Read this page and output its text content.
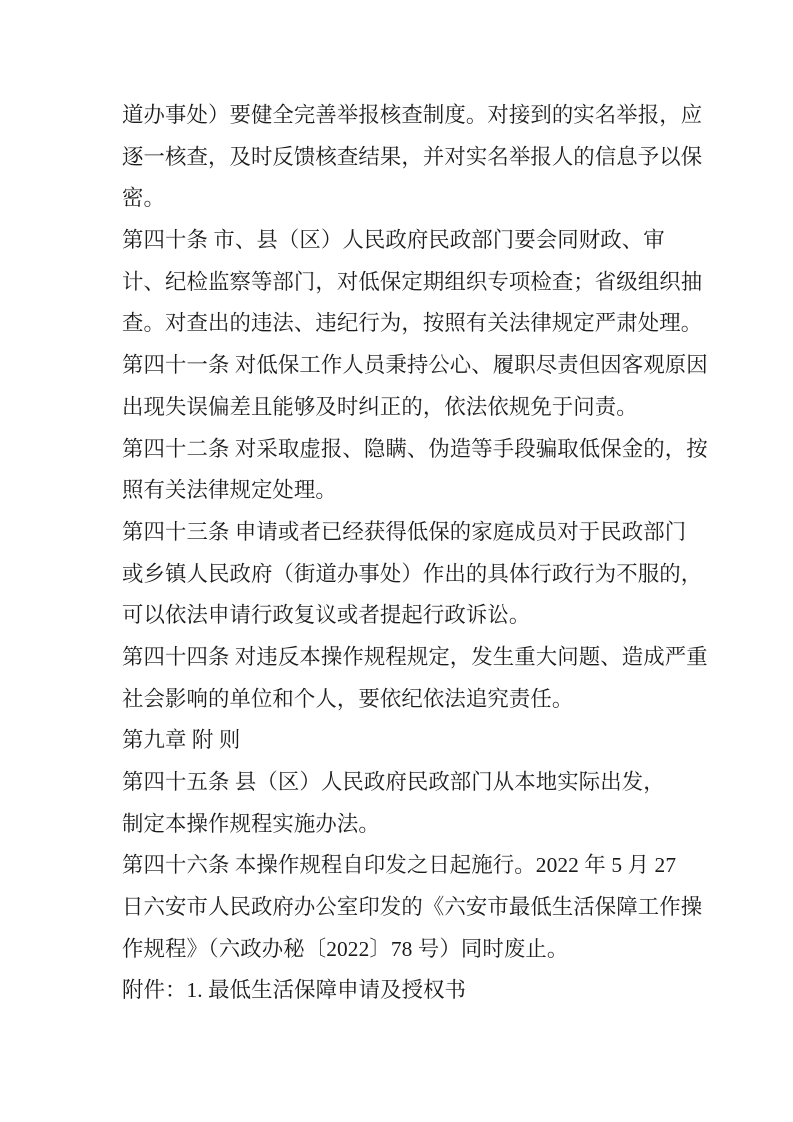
道办事处）要健全完善举报核查制度。对接到的实名举报，应
逐一核查，及时反馈核查结果，并对实名举报人的信息予以保
密。
第四十条 市、县（区）人民政府民政部门要会同财政、审
计、纪检监察等部门，对低保定期组织专项检查；省级组织抽
查。对查出的违法、违纪行为，按照有关法律规定严肃处理。
第四十一条 对低保工作人员秉持公心、履职尽责但因客观原因
出现失误偏差且能够及时纠正的，依法依规免于问责。
第四十二条 对采取虚报、隐瞒、伪造等手段骗取低保金的，按
照有关法律规定处理。
第四十三条 申请或者已经获得低保的家庭成员对于民政部门
或乡镇人民政府（街道办事处）作出的具体行政行为不服的，
可以依法申请行政复议或者提起行政诉讼。
第四十四条 对违反本操作规程规定，发生重大问题、造成严重
社会影响的单位和个人，要依纪依法追究责任。
第九章 附 则
第四十五条 县（区）人民政府民政部门从本地实际出发，
制定本操作规程实施办法。
第四十六条 本操作规程自印发之日起施行。2022 年 5 月 27
日六安市人民政府办公室印发的《六安市最低生活保障工作操
作规程》（六政办秘〔2022〕78 号）同时废止。
附件：1. 最低生活保障申请及授权书
